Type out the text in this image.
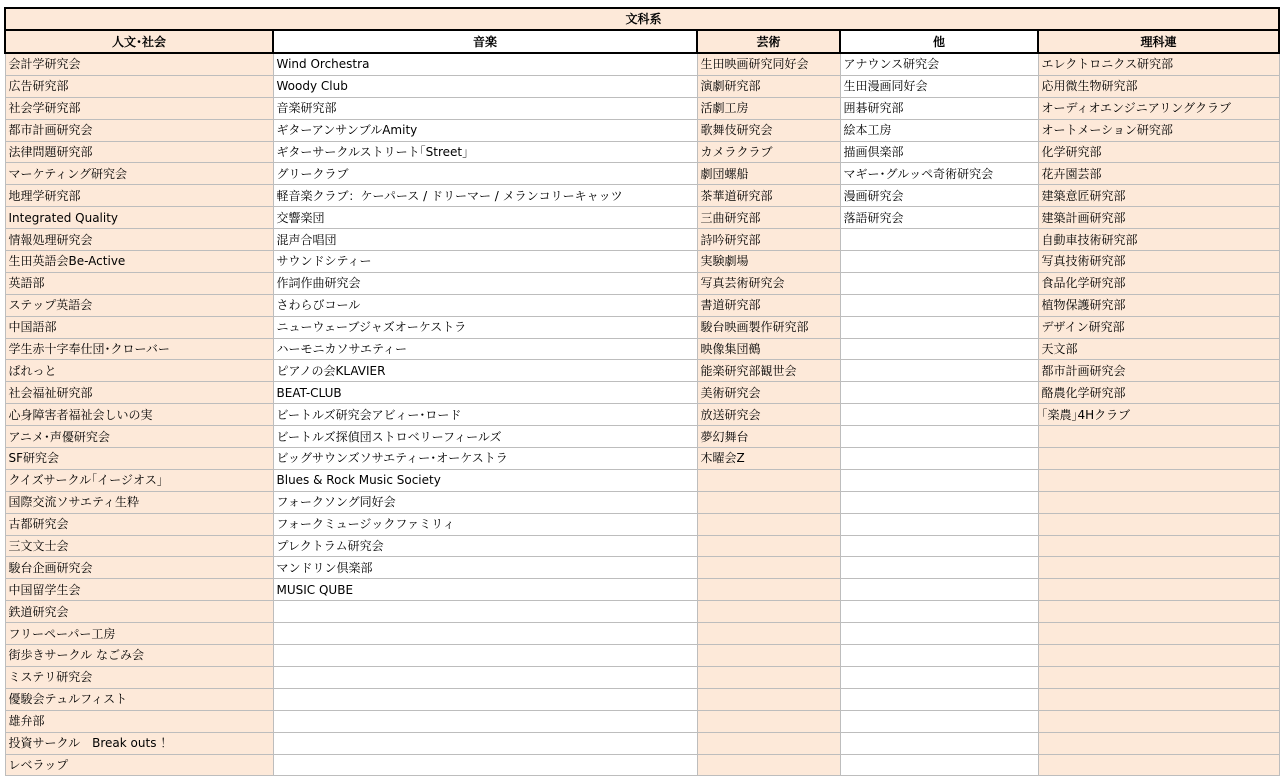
文科系				
人文･社会	音楽	芸術	他	理科連
会計学研究会	Wind Orchestra	生田映画研究同好会	アナウンス研究会	エレクトロニクス研究部
広告研究部	Woody Club	演劇研究部	生田漫画同好会	応用微生物研究部
社会学研究部	音楽研究部	活劇工房	囲碁研究部	オーディオエンジニアリングクラブ
都市計画研究会	ギターアンサンブルAmity	歌舞伎研究会	絵本工房	オートメーション研究部
法律問題研究部	ギターサークルストリート｢Street｣	カメラクラブ	描画倶楽部	化学研究部
マーケティング研究会	グリークラブ	劇団螺船	マギー･グルッペ奇術研究会	花卉園芸部
地理学研究部	軽音楽クラブ：ケーパース / ドリーマー / メランコリーキャッツ	茶華道研究部	漫画研究会	建築意匠研究部
Integrated Quality	交響楽団	三曲研究部	落語研究会	建築計画研究部
情報処理研究会	混声合唱団	詩吟研究部		自動車技術研究部
生田英語会Be-Active	サウンドシティー	実験劇場		写真技術研究部
英語部	作詞作曲研究会	写真芸術研究会		食品化学研究部
ステップ英語会	さわらびコール	書道研究部		植物保護研究部
中国語部	ニューウェーブジャズオーケストラ	駿台映画製作研究部		デザイン研究部
学生赤十字奉仕団･クローバー	ハーモニカソサエティー	映像集団鵺		天文部
ぱれっと	ピアノの会KLAVIER	能楽研究部観世会		都市計画研究会
社会福祉研究部	BEAT-CLUB	美術研究会		酪農化学研究部
心身障害者福祉会しいの実	ビートルズ研究会アビィー･ロード	放送研究会		｢楽農｣4Hクラブ
アニメ･声優研究会	ビートルズ探偵団ストロベリーフィールズ	夢幻舞台		
SF研究会	ビッグサウンズソサエティー･オーケストラ	木曜会Z		
クイズサークル｢イージオス｣	Blues & Rock Music Society			
国際交流ソサエティ生粋	フォークソング同好会			
古都研究会	フォークミュージックファミリィ			
三文文士会	プレクトラム研究会			
駿台企画研究会	マンドリン倶楽部			
中国留学生会	MUSIC QUBE			
鉄道研究会				
フリーペーパー工房				
街歩きサークル なごみ会				
ミステリ研究会				
優駿会テュルフィスト				
雄弁部				
投資サークル　Break outs ！				
レベラップ				
